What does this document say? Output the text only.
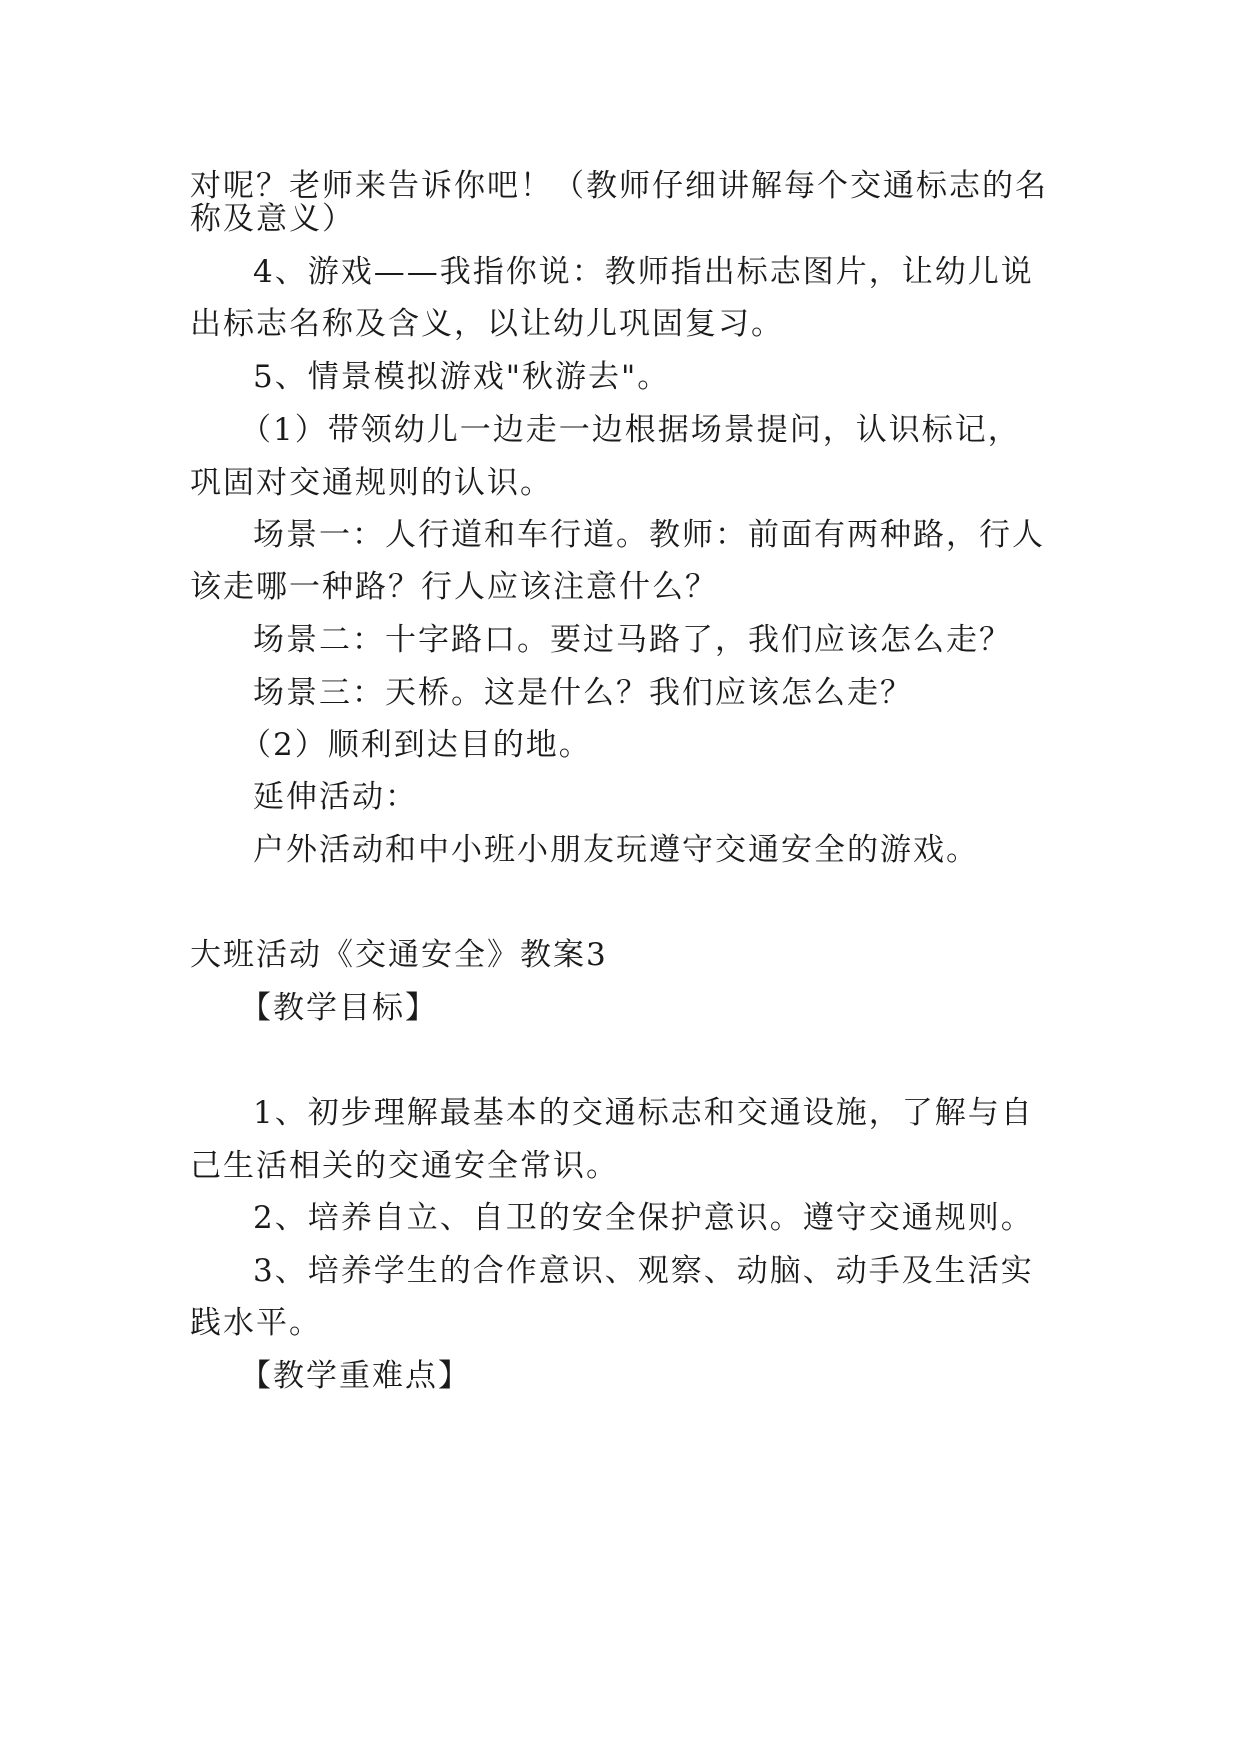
对呢？老师来告诉你吧！（教师仔细讲解每个交通标志的名
称及意义）
4、游戏——我指你说：教师指出标志图片，让幼儿说
出标志名称及含义，以让幼儿巩固复习。
5、情景模拟游戏"秋游去"。
（1）带领幼儿一边走一边根据场景提问，认识标记，
巩固对交通规则的认识。
场景一：人行道和车行道。教师：前面有两种路，行人
该走哪一种路？行人应该注意什么？
场景二：十字路口。要过马路了，我们应该怎么走？
场景三：天桥。这是什么？我们应该怎么走？
（2）顺利到达目的地。
延伸活动：
户外活动和中小班小朋友玩遵守交通安全的游戏。
大班活动《交通安全》教案3
【教学目标】
1、初步理解最基本的交通标志和交通设施，了解与自
己生活相关的交通安全常识。
2、培养自立、自卫的安全保护意识。遵守交通规则。
3、培养学生的合作意识、观察、动脑、动手及生活实
践水平。
【教学重难点】
